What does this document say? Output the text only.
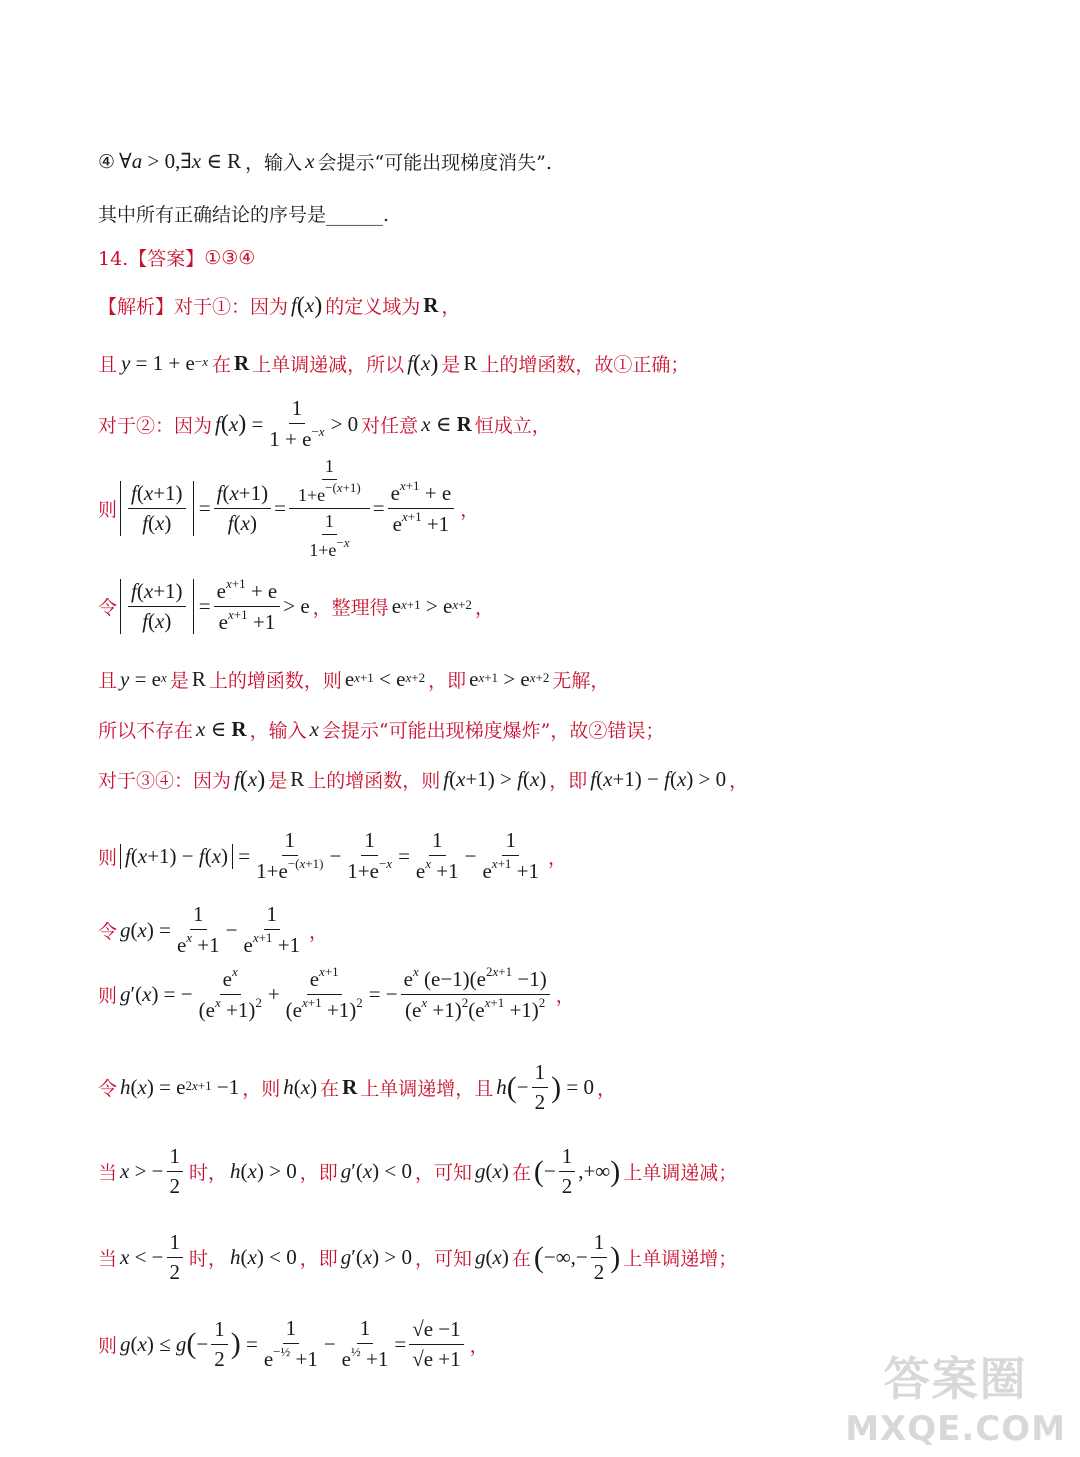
④ ∀ a > 0,∃ x ∈ R ，输入 x 会提示“可能出现梯度消失”.
其中所有正确结论的序号是______.
14.【答案】 ①③④
【解析】 对于①：因为 f ( x ) 的定义域为 R ，
且 $y = 1 + e^{-x}$ 在 R 上单调递减，所以 f ( x ) 是 R 上的增函数，故①正确；
对于②：因为 f ( x ) = $\frac{1}{1 + e^{-x}} > 0$ 对任意 x ∈ R 恒成立，
则 $\frac{f(x+1)}{f(x)} = \frac{f(x+1)}{f(x)} = \frac{\frac{1}{1+e^{-(x+1)}}}{\frac{1}{1+e^{-x}}} = \frac{e^{x+1} + e}{e^{x+1} +1}$ ，
令 $\frac{f(x+1)}{f(x)} = \frac{e^{x+1} + e}{e^{x+1} +1} > e$ ，整理得 e $^{x+1}$ > e $^{x+2}$ ，
且 y = e $^x$ 是 R 上的增函数，则 e $^{x+1}$ < e $^{x+2}$ ，即 e $^{x+1}$ > e $^{x+2}$ 无解，
所以不存在 x ∈ R ，输入 x 会提示“可能出现梯度爆炸”，故②错误；
对于③④：因为 f ( x ) 是 R 上的增函数，则 f ( x +1) > f ( x ) ，即 f ( x +1) − f ( x ) > 0 ，
则 f ( x +1) − f ( x ) = $\frac{1}{1+e^{-(x+1)}} - \frac{1}{1+e^{-x}} = \frac{1}{e^x +1} - \frac{1}{e^{x+1} +1}$ ，
令 g ( x ) = $\frac{1}{e^x +1} - \frac{1}{e^{x+1} +1}$ ，
则 g ′( x ) = − $\frac{e^x}{(e^x +1)^2} + \frac{e^{x+1}}{(e^{x+1} +1)^2}$ = − $\frac{e^x (e-1)(e^{2x+1} -1)}{(e^x +1)^2(e^{x+1} +1)^2}$ ，
令 h ( x ) = $e^{2x+1} -1$ ，则 h ( x ) 在 R 上单调递增，且 h ( − $\frac{1}{2}$ ) = 0 ，
当 x > − $\frac{1}{2}$ 时， h ( x ) > 0 ，即 g ′( x ) < 0 ，可知 g ( x ) 在 ( − $\frac{1}{2}$ ,+∞ ) 上单调递减；
当 x < − $\frac{1}{2}$ 时， h ( x ) < 0 ，即 g ′( x ) > 0 ，可知 g ( x ) 在 ( −∞,− $\frac{1}{2}$ ) 上单调递增；
则 g ( x ) ≤ g ( − $\frac{1}{2}$ ) = $\frac{1}{e^{-\frac{1}{2}} +1} - \frac{1}{e^{\frac{1}{2}} +1} = \frac{√e -1}{√e +1}$ ，
答案圈
MXQE.COM
